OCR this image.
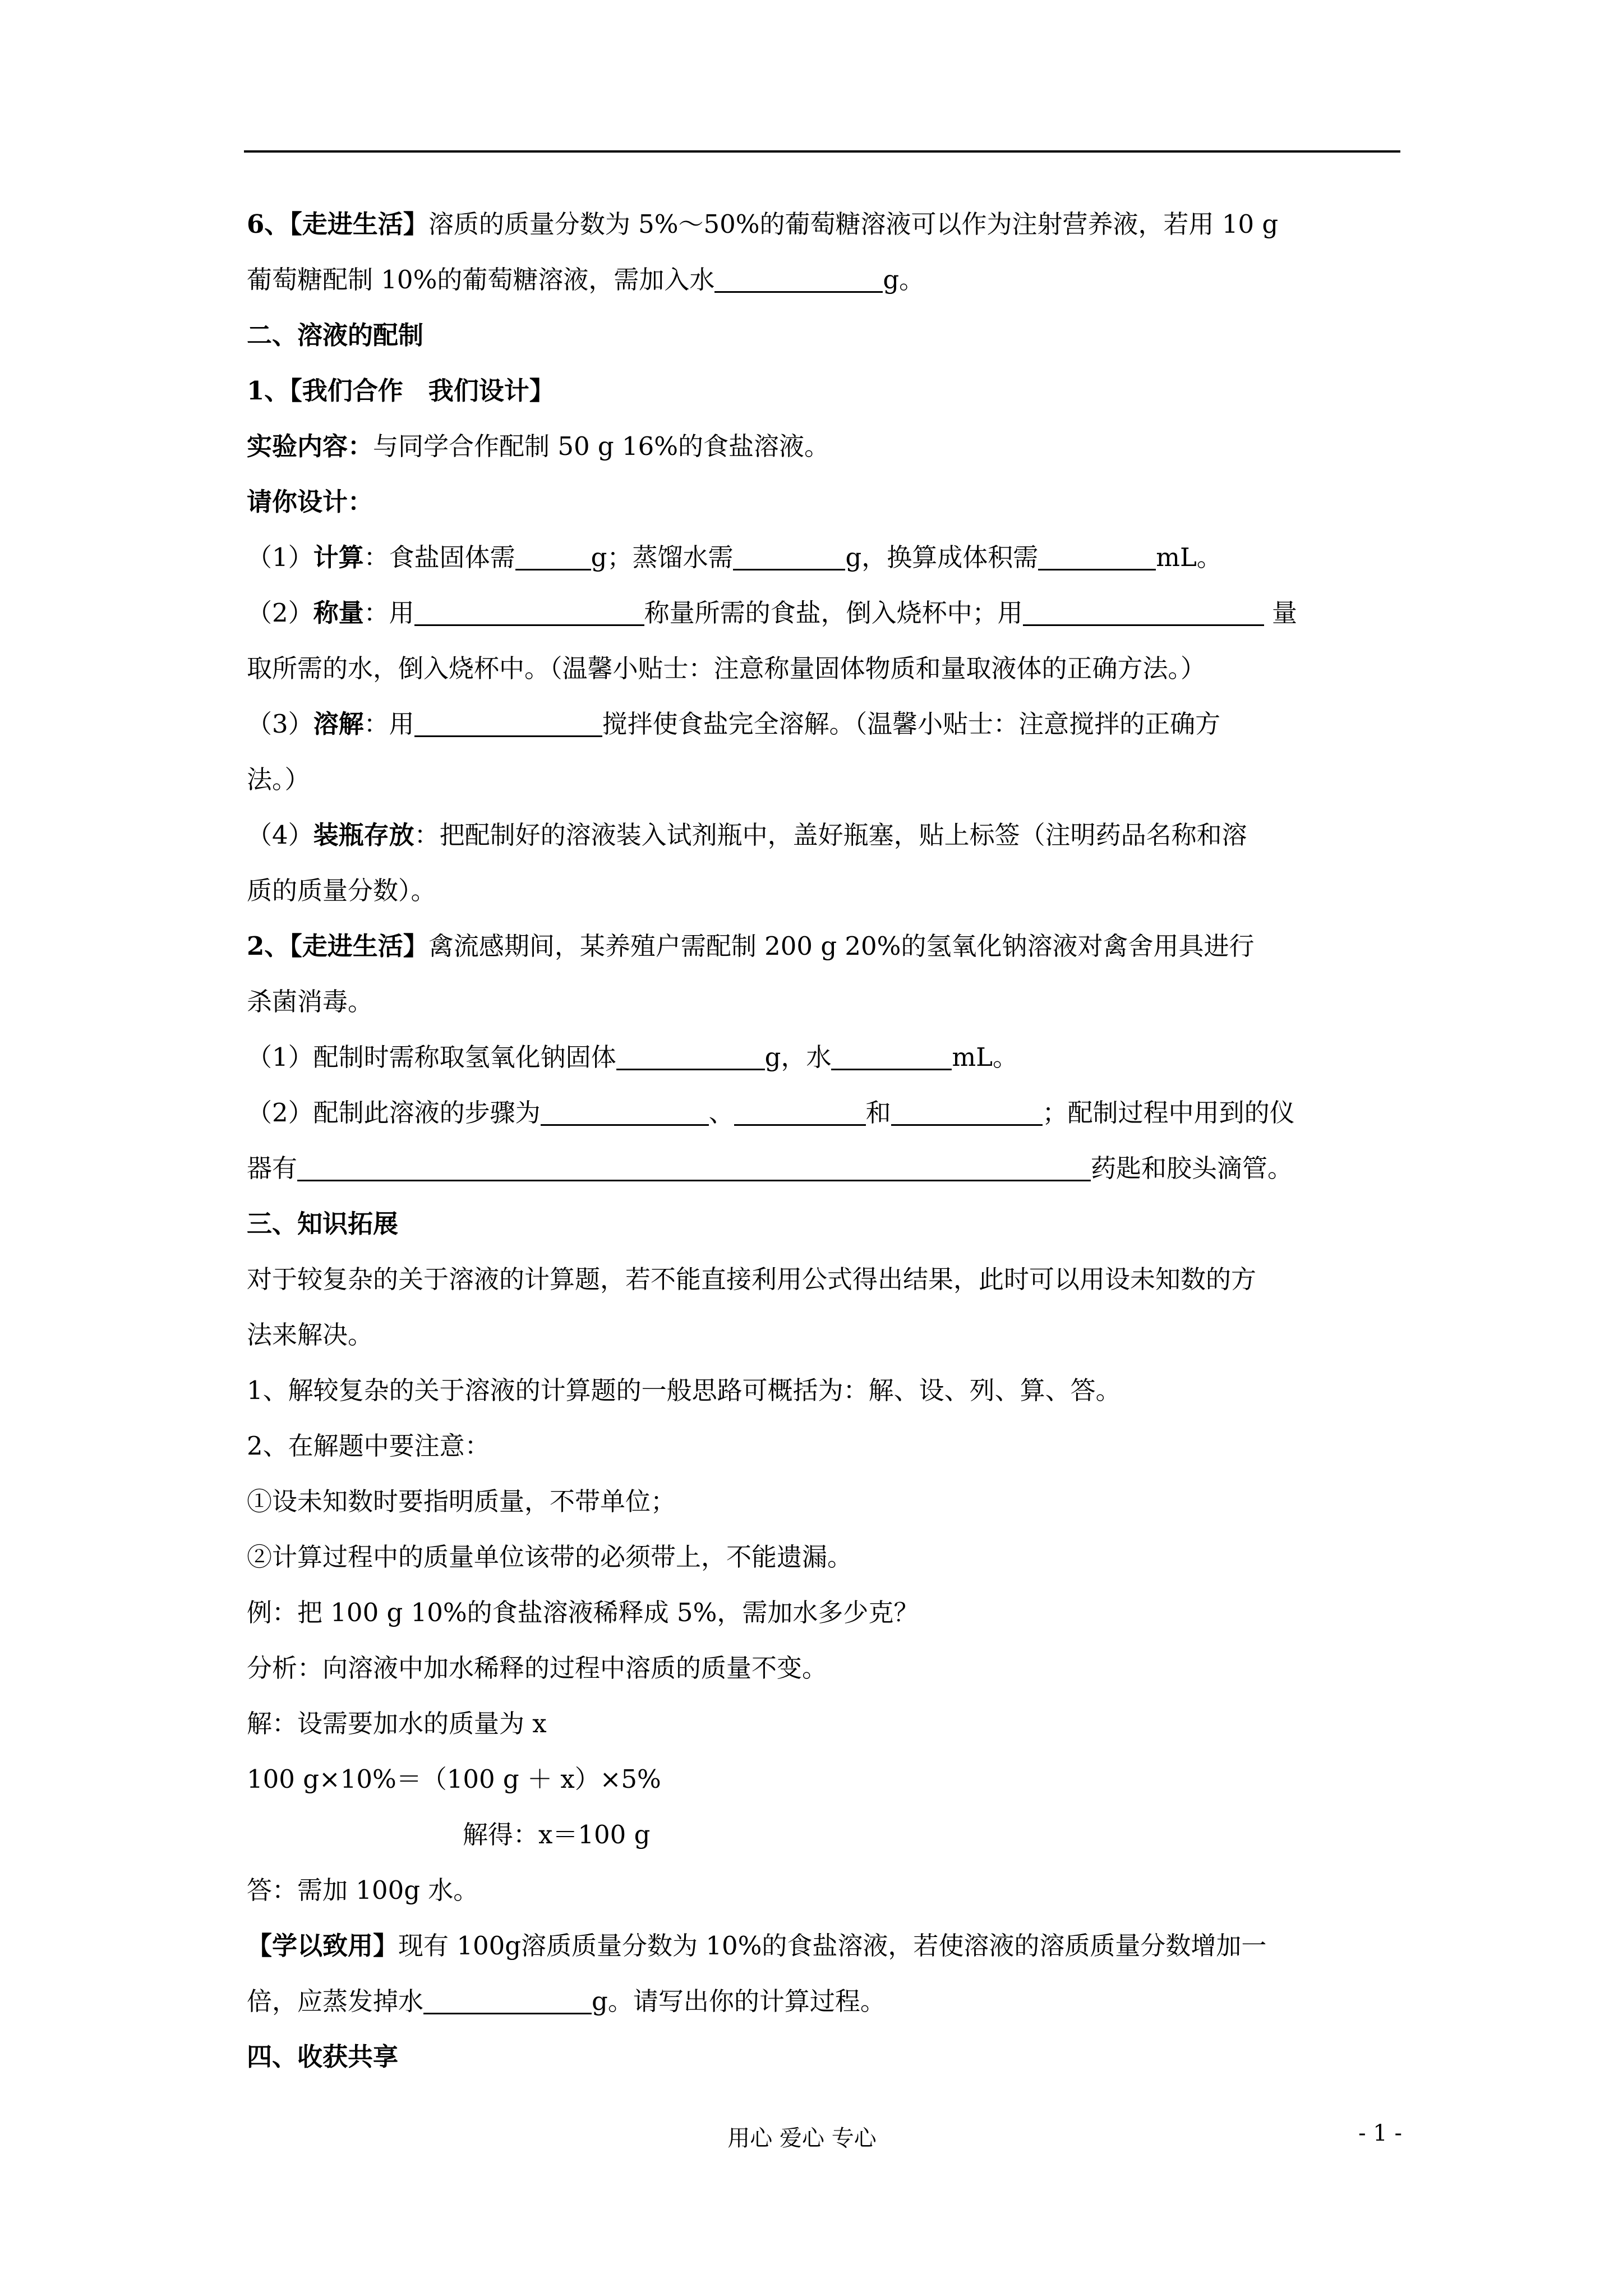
6、【走进生活】溶质的质量分数为 5%～50%的葡萄糖溶液可以作为注射营养液，若用 10 g
葡萄糖配制 10%的葡萄糖溶液，需加入水	g。
二、溶液的配制
1、【我们合作　我们设计】
实验内容：与同学合作配制 50 g 16%的食盐溶液。
请你设计：
（1）计算：食盐固体需	g；蒸馏水需	g，换算成体积需	mL。
（2）称量：用	称量所需的食盐，倒入烧杯中；用	量
取所需的水，倒入烧杯中。（温馨小贴士：注意称量固体物质和量取液体的正确方法。）
（3）溶解：用	搅拌使食盐完全溶解。（温馨小贴士：注意搅拌的正确方
法。）
（4）装瓶存放：把配制好的溶液装入试剂瓶中，盖好瓶塞，贴上标签（注明药品名称和溶
质的质量分数）。
2、【走进生活】禽流感期间，某养殖户需配制 200 g 20%的氢氧化钠溶液对禽舍用具进行
杀菌消毒。
（1）配制时需称取氢氧化钠固体	g，水	mL。
（2）配制此溶液的步骤为	、	和	；配制过程中用到的仪
器有	药匙和胶头滴管。
三、知识拓展
对于较复杂的关于溶液的计算题，若不能直接利用公式得出结果，此时可以用设未知数的方
法来解决。
1、解较复杂的关于溶液的计算题的一般思路可概括为：解、设、列、算、答。
2、在解题中要注意：
①设未知数时要指明质量，不带单位；
②计算过程中的质量单位该带的必须带上，不能遗漏。
例：把 100 g 10%的食盐溶液稀释成 5%，需加水多少克？
分析：向溶液中加水稀释的过程中溶质的质量不变。
解：设需要加水的质量为 x
100 g×10%＝（100 g ＋ x）×5%
解得：x＝100 g
答：需加 100g 水。
【学以致用】现有 100g溶质质量分数为 10%的食盐溶液，若使溶液的溶质质量分数增加一
倍，应蒸发掉水	g。请写出你的计算过程。
四、收获共享
用心 爱心 专心	- 1 -
